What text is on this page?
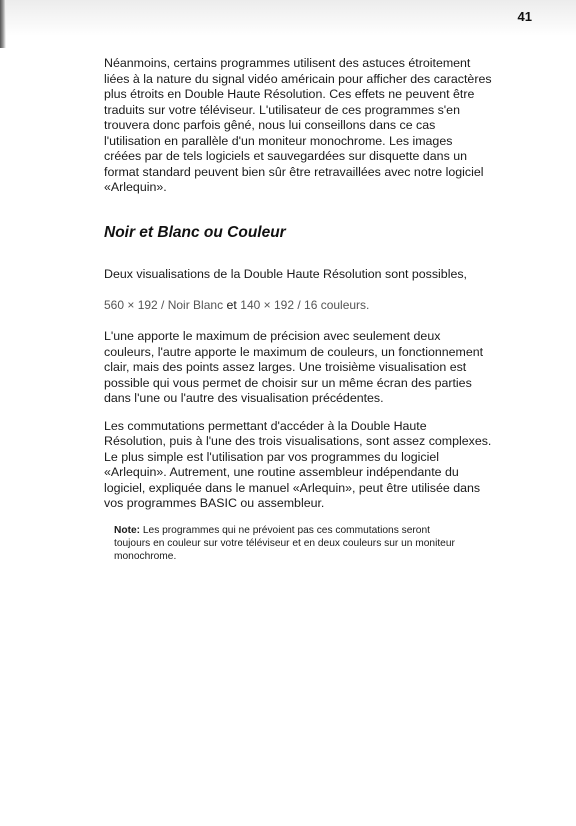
41

Néanmoins, certains programmes utilisent des astuces étroitement
liées à la nature du signal vidéo américain pour afficher des caractères
plus étroits en Double Haute Résolution. Ces effets ne peuvent être
traduits sur votre téléviseur. L'utilisateur de ces programmes s'en
trouvera donc parfois gêné, nous lui conseillons dans ce cas
l'utilisation en parallèle d'un moniteur monochrome. Les images
créées par de tels logiciels et sauvegardées sur disquette dans un
format standard peuvent bien sûr être retravaillées avec notre logiciel
«Arlequin».

Noir et Blanc ou Couleur

Deux visualisations de la Double Haute Résolution sont possibles,

560 × 192 / Noir Blanc et 140 × 192 / 16 couleurs.

L'une apporte le maximum de précision avec seulement deux
couleurs, l'autre apporte le maximum de couleurs, un fonctionnement
clair, mais des points assez larges. Une troisième visualisation est
possible qui vous permet de choisir sur un même écran des parties
dans l'une ou l'autre des visualisation précédentes.

Les commutations permettant d'accéder à la Double Haute
Résolution, puis à l'une des trois visualisations, sont assez complexes.
Le plus simple est l'utilisation par vos programmes du logiciel
«Arlequin». Autrement, une routine assembleur indépendante du
logiciel, expliquée dans le manuel «Arlequin», peut être utilisée dans
vos programmes BASIC ou assembleur.

Note: Les programmes qui ne prévoient pas ces commutations seront
toujours en couleur sur votre téléviseur et en deux couleurs sur un moniteur
monochrome.
